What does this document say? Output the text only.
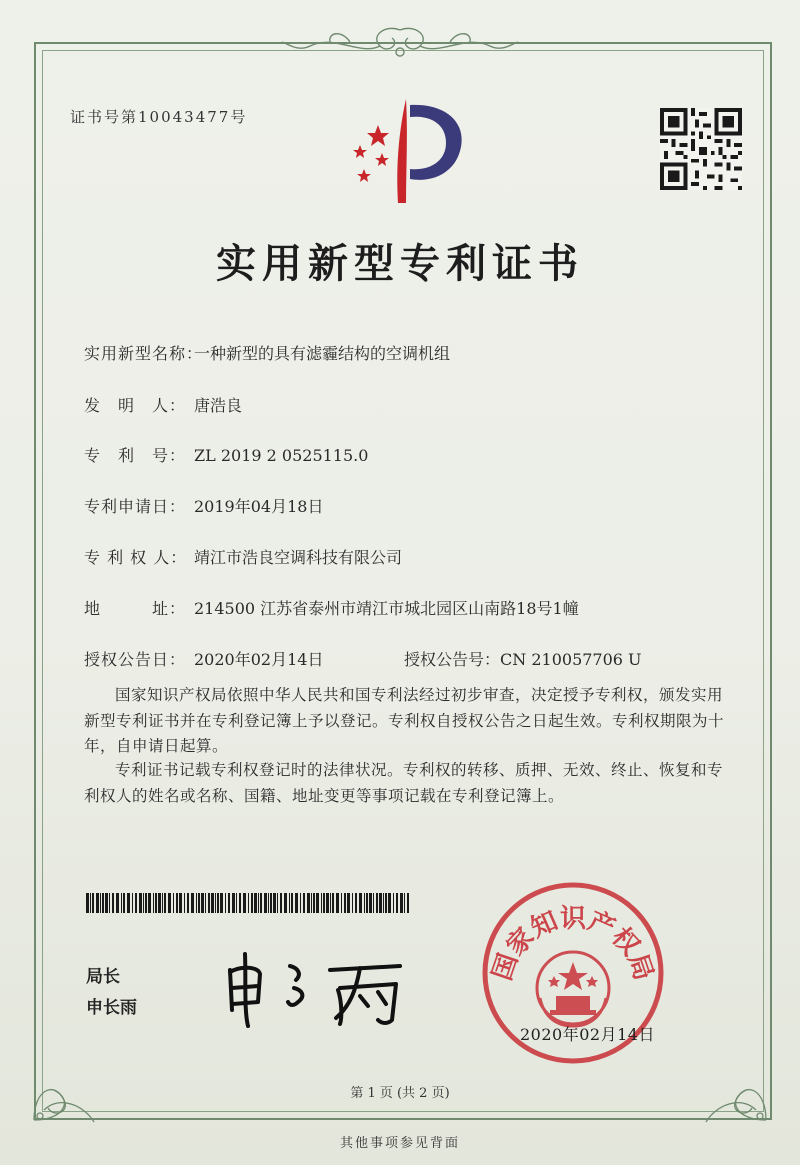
证书号第10043477号
实用新型专利证书
实用新型名称：一种新型的具有滤霾结构的空调机组
发　明　人： 唐浩良
专　利　号： ZL 2019 2 0525115.0
专利申请日： 2019年04月18日
专 利 权 人： 靖江市浩良空调科技有限公司
地　　　址： 214500 江苏省泰州市靖江市城北园区山南路18号1幢
授权公告日： 2020年02月14日	授权公告号：CN 210057706 U
国家知识产权局依照中华人民共和国专利法经过初步审查，决定授予专利权，颁发实用新型专利证书并在专利登记簿上予以登记。专利权自授权公告之日起生效。专利权期限为十年，自申请日起算。
专利证书记载专利权登记时的法律状况。专利权的转移、质押、无效、终止、恢复和专利权人的姓名或名称、国籍、地址变更等事项记载在专利登记簿上。
局长
申长雨
国家知识产权局
2020年02月14日
第 1 页 (共 2 页)
其他事项参见背面
